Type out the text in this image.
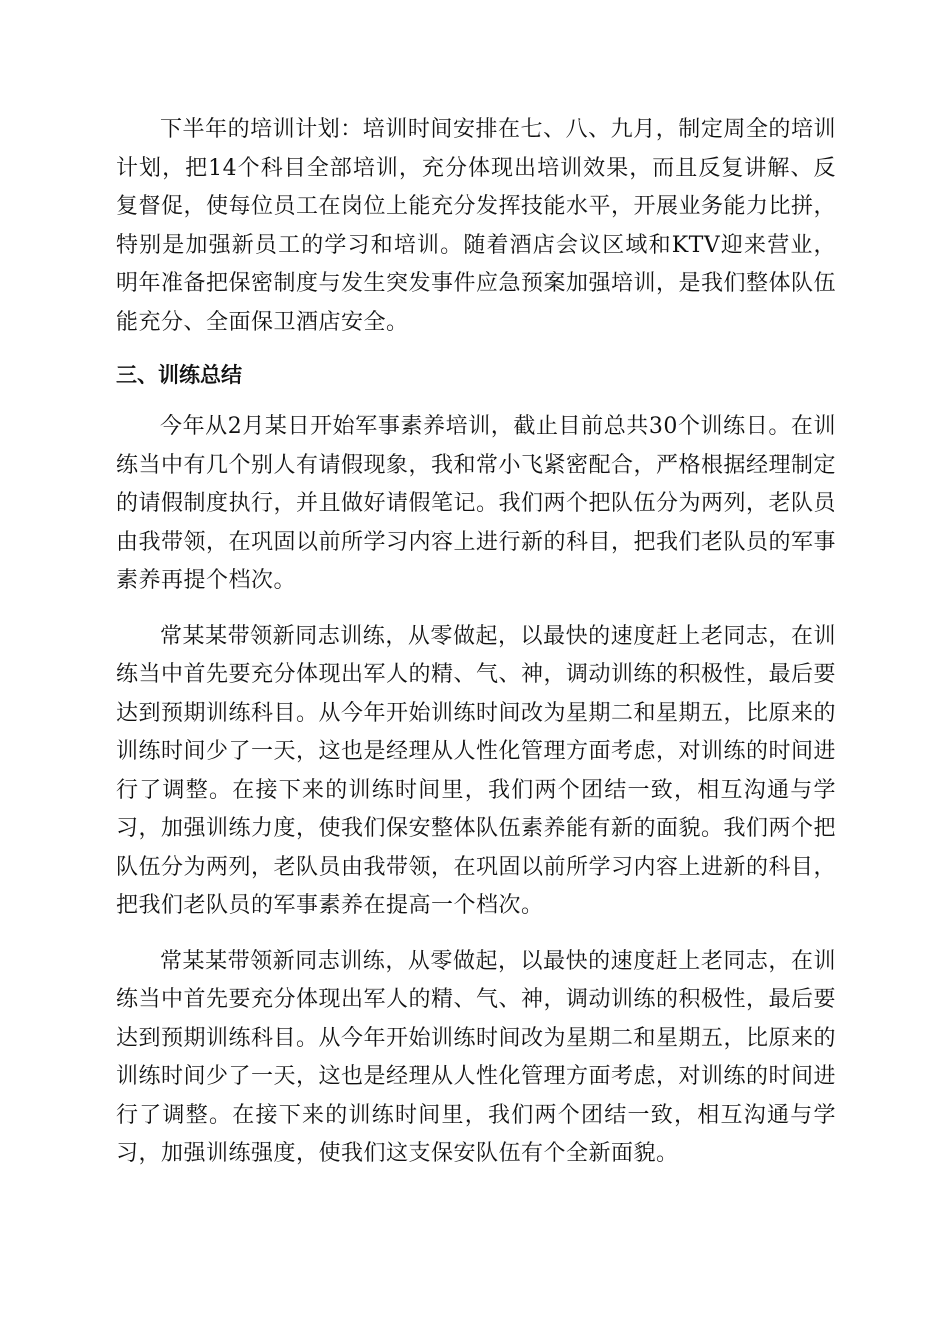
下半年的培训计划：培训时间安排在七、八、九月，制定周全的培训计划，把14个科目全部培训，充分体现出培训效果，而且反复讲解、反复督促，使每位员工在岗位上能充分发挥技能水平，开展业务能力比拼，特别是加强新员工的学习和培训。随着酒店会议区域和KTV迎来营业，明年准备把保密制度与发生突发事件应急预案加强培训，是我们整体队伍能充分、全面保卫酒店安全。

三、训练总结

今年从2月某日开始军事素养培训，截止目前总共30个训练日。在训练当中有几个别人有请假现象，我和常小飞紧密配合，严格根据经理制定的请假制度执行，并且做好请假笔记。我们两个把队伍分为两列，老队员由我带领，在巩固以前所学习内容上进行新的科目，把我们老队员的军事素养再提个档次。

常某某带领新同志训练，从零做起，以最快的速度赶上老同志，在训练当中首先要充分体现出军人的精、气、神，调动训练的积极性，最后要达到预期训练科目。从今年开始训练时间改为星期二和星期五，比原来的训练时间少了一天，这也是经理从人性化管理方面考虑，对训练的时间进行了调整。在接下来的训练时间里，我们两个团结一致，相互沟通与学习，加强训练力度，使我们保安整体队伍素养能有新的面貌。我们两个把队伍分为两列，老队员由我带领，在巩固以前所学习内容上进新的科目，把我们老队员的军事素养在提高一个档次。

常某某带领新同志训练，从零做起，以最快的速度赶上老同志，在训练当中首先要充分体现出军人的精、气、神，调动训练的积极性，最后要达到预期训练科目。从今年开始训练时间改为星期二和星期五，比原来的训练时间少了一天，这也是经理从人性化管理方面考虑，对训练的时间进行了调整。在接下来的训练时间里，我们两个团结一致，相互沟通与学习，加强训练强度，使我们这支保安队伍有个全新面貌。
